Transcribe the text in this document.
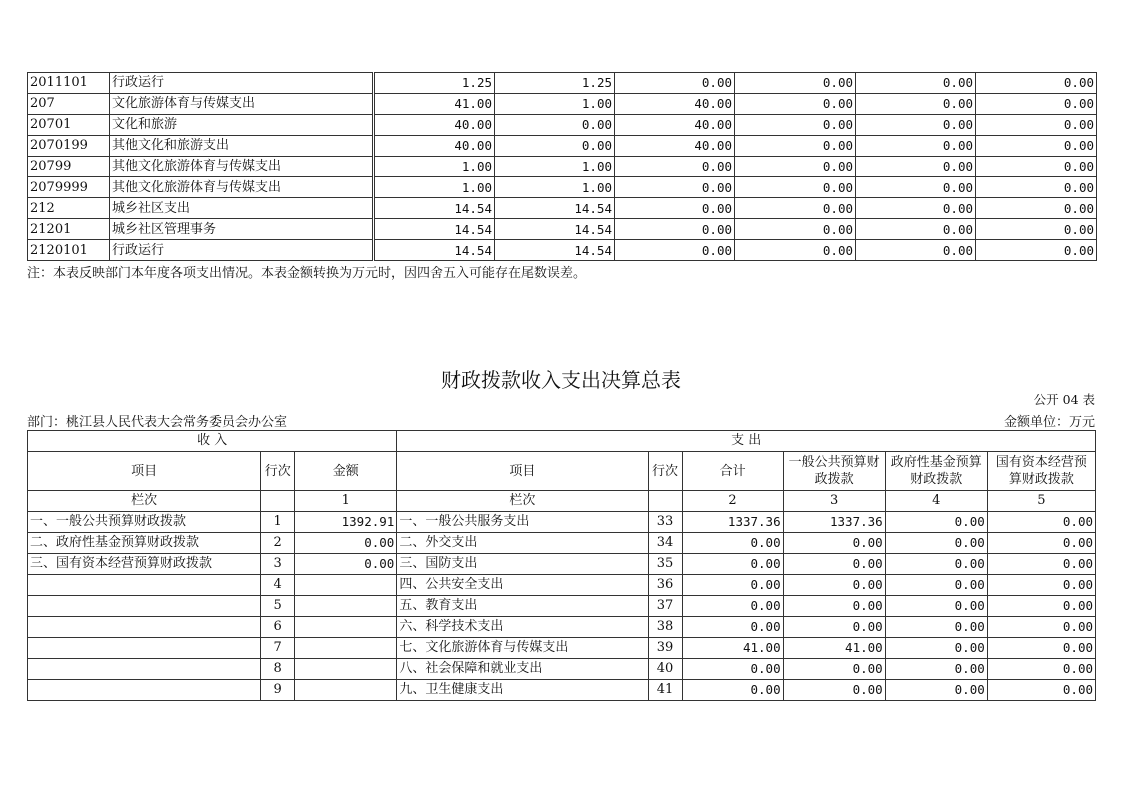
2011101	行政运行	1.25	1.25	0.00	0.00	0.00	0.00
207	文化旅游体育与传媒支出	41.00	1.00	40.00	0.00	0.00	0.00
20701	文化和旅游	40.00	0.00	40.00	0.00	0.00	0.00
2070199	其他文化和旅游支出	40.00	0.00	40.00	0.00	0.00	0.00
20799	其他文化旅游体育与传媒支出	1.00	1.00	0.00	0.00	0.00	0.00
2079999	其他文化旅游体育与传媒支出	1.00	1.00	0.00	0.00	0.00	0.00
212	城乡社区支出	14.54	14.54	0.00	0.00	0.00	0.00
21201	城乡社区管理事务	14.54	14.54	0.00	0.00	0.00	0.00
2120101	行政运行	14.54	14.54	0.00	0.00	0.00	0.00
注：本表反映部门本年度各项支出情况。本表金额转换为万元时，因四舍五入可能存在尾数误差。
财政拨款收入支出决算总表
公开 04 表
部门：桃江县人民代表大会常务委员会办公室	金额单位：万元
收 入			支 出					
项目	行次	金额	项目	行次	合计	一般公共预算财政拨款	政府性基金预算财政拨款	国有资本经营预算财政拨款
栏次		1	栏次		2	3	4	5
一、一般公共预算财政拨款	1	1392.91	一、一般公共服务支出	33	1337.36	1337.36	0.00	0.00
二、政府性基金预算财政拨款	2	0.00	二、外交支出	34	0.00	0.00	0.00	0.00
三、国有资本经营预算财政拨款	3	0.00	三、国防支出	35	0.00	0.00	0.00	0.00
	4		四、公共安全支出	36	0.00	0.00	0.00	0.00
	5		五、教育支出	37	0.00	0.00	0.00	0.00
	6		六、科学技术支出	38	0.00	0.00	0.00	0.00
	7		七、文化旅游体育与传媒支出	39	41.00	41.00	0.00	0.00
	8		八、社会保障和就业支出	40	0.00	0.00	0.00	0.00
	9		九、卫生健康支出	41	0.00	0.00	0.00	0.00
